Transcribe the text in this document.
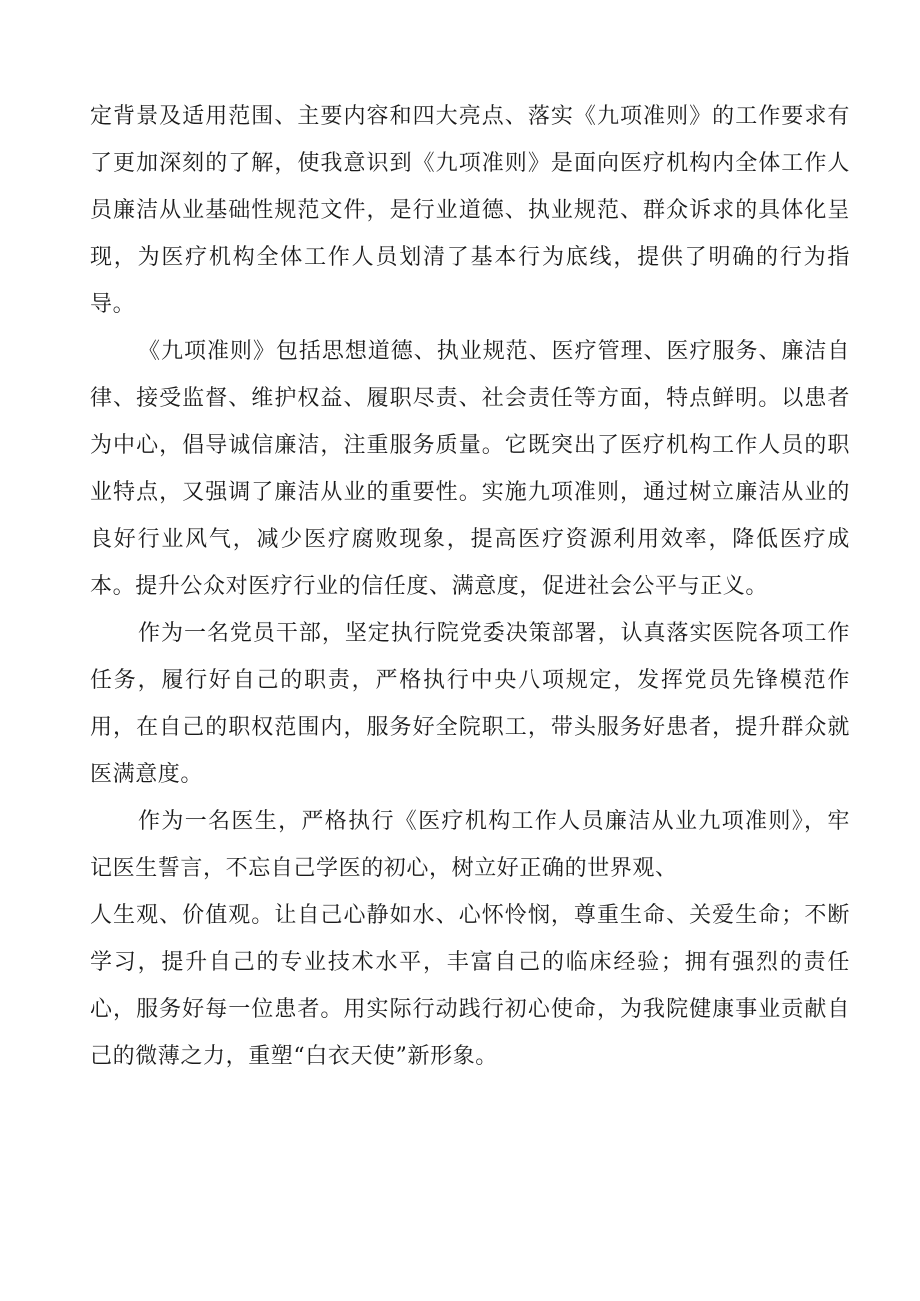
定背景及适用范围、主要内容和四大亮点、落实《九项准则》的工作要求有了更加深刻的了解，使我意识到《九项准则》是面向医疗机构内全体工作人员廉洁从业基础性规范文件，是行业道德、执业规范、群众诉求的具体化呈现，为医疗机构全体工作人员划清了基本行为底线，提供了明确的行为指导。

《九项准则》包括思想道德、执业规范、医疗管理、医疗服务、廉洁自律、接受监督、维护权益、履职尽责、社会责任等方面，特点鲜明。以患者为中心，倡导诚信廉洁，注重服务质量。它既突出了医疗机构工作人员的职业特点，又强调了廉洁从业的重要性。实施九项准则，通过树立廉洁从业的良好行业风气，减少医疗腐败现象，提高医疗资源利用效率，降低医疗成本。提升公众对医疗行业的信任度、满意度，促进社会公平与正义。

作为一名党员干部，坚定执行院党委决策部署，认真落实医院各项工作任务，履行好自己的职责，严格执行中央八项规定，发挥党员先锋模范作用，在自己的职权范围内，服务好全院职工，带头服务好患者，提升群众就医满意度。

作为一名医生，严格执行《医疗机构工作人员廉洁从业九项准则》，牢记医生誓言，不忘自己学医的初心，树立好正确的世界观、
人生观、价值观。让自己心静如水、心怀怜悯，尊重生命、关爱生命；不断学习，提升自己的专业技术水平，丰富自己的临床经验；拥有强烈的责任心，服务好每一位患者。用实际行动践行初心使命，为我院健康事业贡献自己的微薄之力，重塑“白衣天使”新形象。
